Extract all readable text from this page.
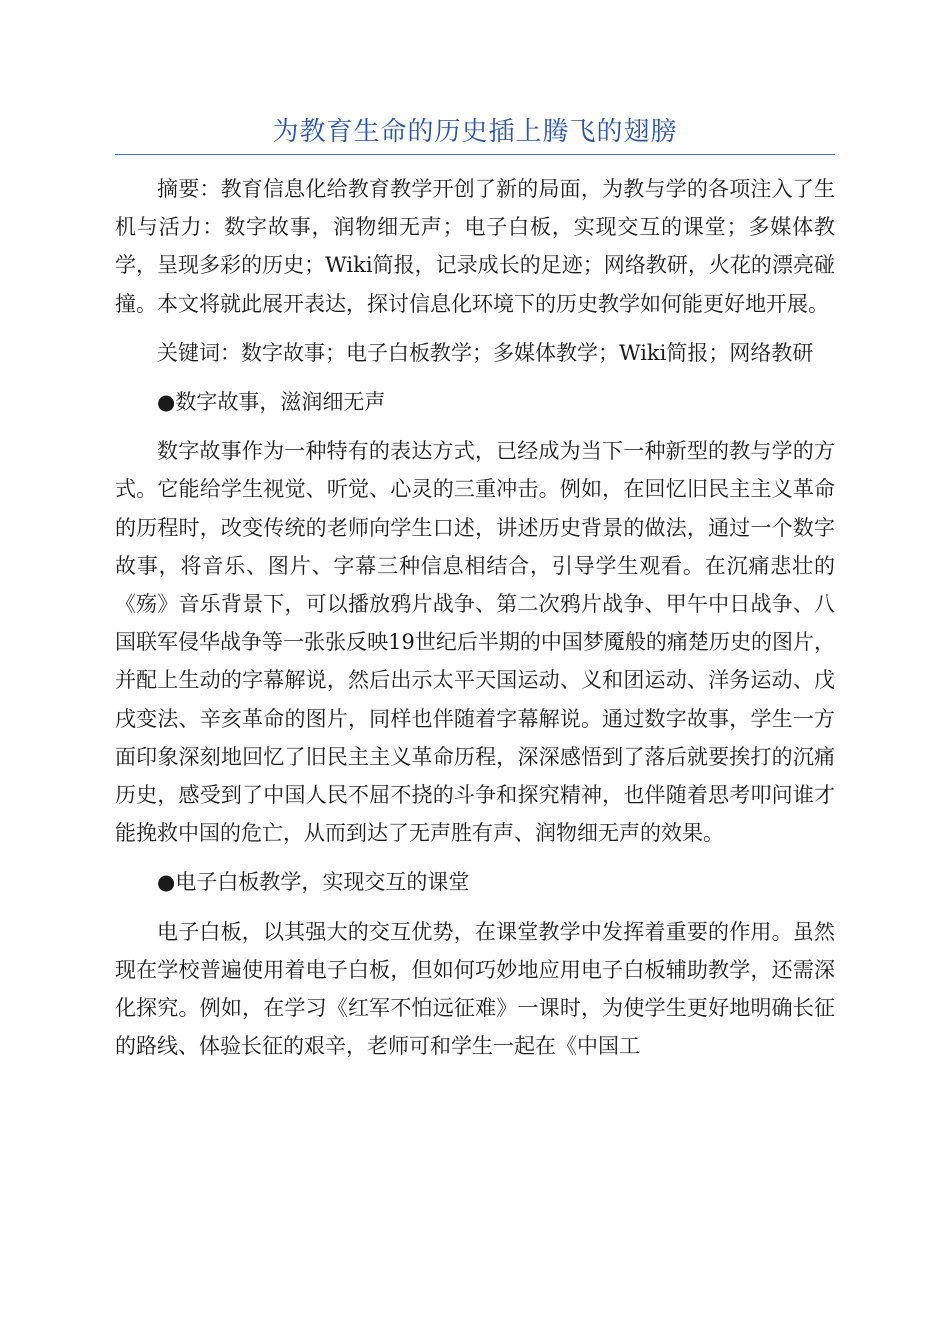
为教育生命的历史插上腾飞的翅膀

摘要：教育信息化给教育教学开创了新的局面，为教与学的各项注入了生机与活力：数字故事，润物细无声；电子白板，实现交互的课堂；多媒体教学，呈现多彩的历史；Wiki简报，记录成长的足迹；网络教研，火花的漂亮碰撞。本文将就此展开表达，探讨信息化环境下的历史教学如何能更好地开展。

关键词：数字故事；电子白板教学；多媒体教学；Wiki简报；网络教研

●数字故事，滋润细无声

数字故事作为一种特有的表达方式，已经成为当下一种新型的教与学的方式。它能给学生视觉、听觉、心灵的三重冲击。例如，在回忆旧民主主义革命的历程时，改变传统的老师向学生口述，讲述历史背景的做法，通过一个数字故事，将音乐、图片、字幕三种信息相结合，引导学生观看。在沉痛悲壮的《殇》音乐背景下，可以播放鸦片战争、第二次鸦片战争、甲午中日战争、八国联军侵华战争等一张张反映19世纪后半期的中国梦魇般的痛楚历史的图片，并配上生动的字幕解说，然后出示太平天国运动、义和团运动、洋务运动、戊戌变法、辛亥革命的图片，同样也伴随着字幕解说。通过数字故事，学生一方面印象深刻地回忆了旧民主主义革命历程，深深感悟到了落后就要挨打的沉痛历史，感受到了中国人民不屈不挠的斗争和探究精神，也伴随着思考叩问谁才能挽救中国的危亡，从而到达了无声胜有声、润物细无声的效果。

●电子白板教学，实现交互的课堂

电子白板，以其强大的交互优势，在课堂教学中发挥着重要的作用。虽然现在学校普遍使用着电子白板，但如何巧妙地应用电子白板辅助教学，还需深化探究。例如，在学习《红军不怕远征难》一课时，为使学生更好地明确长征的路线、体验长征的艰辛，老师可和学生一起在《中国工
